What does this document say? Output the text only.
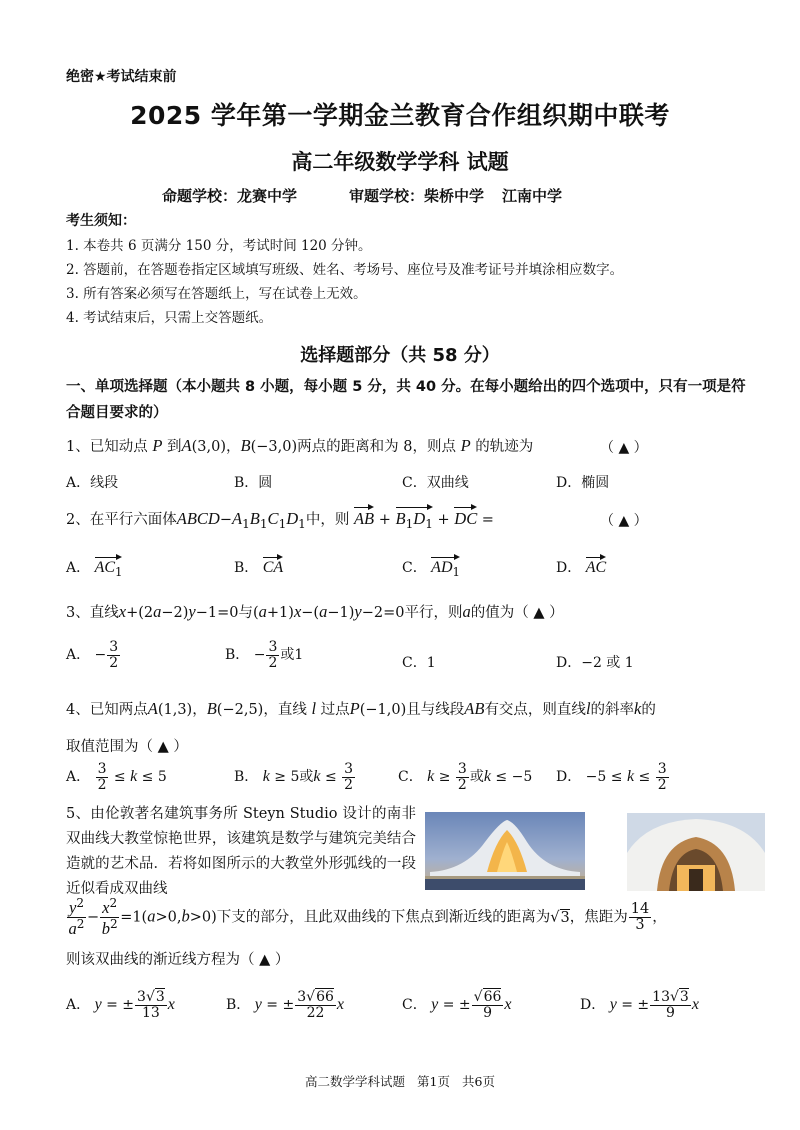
绝密★考试结束前
2025 学年第一学期金兰教育合作组织期中联考
高二年级数学学科 试题
命题学校：龙赛中学	审题学校：柴桥中学 江南中学
考生须知：
1. 本卷共 6 页满分 150 分，考试时间 120 分钟。
2. 答题前，在答题卷指定区域填写班级、姓名、考场号、座位号及准考证号并填涂相应数字。
3. 所有答案必须写在答题纸上，写在试卷上无效。
4. 考试结束后，只需上交答题纸。
选择题部分（共 58 分）
一、单项选择题（本小题共 8 小题，每小题 5 分，共 40 分。在每小题给出的四个选项中，只有一项是符合题目要求的）
1、已知动点 P 到A(3,0)，B(−3,0)两点的距离和为 8，则点 P 的轨迹为	（ ▲ ）
A．线段	B．圆	C．双曲线	D．椭圆
2、在平行六面体$ABCD-A_1B_1C_1D_1$中，则 AB + $B_1D_1$ + DC =	（ ▲ ）
A． $AC_1$	B． CA	C． $AD_1$	D． AC
3、直线x+(2a−2)y−1=0与(a+1)x−(a−1)y−2=0平行，则a的值为（ ▲ ）
A． − $\frac{3}{2}$	B． − $\frac{3}{2}$ 或1	C．1	D．−2 或 1
4、已知两点A(1,3)，B(−2,5)，直线 l 过点P(−1,0)且与线段AB有交点，则直线l的斜率k的
取值范围为（ ▲ ）
A． $\frac{3}{2} \le k \le 5$	B． k ≥ 5或$k \le \frac{3}{2}$	C． $k \ge \frac{3}{2}$ 或k ≤ −5 D． $-5 \le k \le \frac{3}{2}$
5、由伦敦著名建筑事务所 Steyn Studio 设计的南非双曲线大教堂惊艳世界，该建筑是数学与建筑完美结合造就的艺术品．若将如图所示的大教堂外形弧线的一段近似看成双曲线
$\frac{y^2}{a^2} - \frac{x^2}{b^2} =1(a>0,b>0)$下支的部分，且此双曲线的下焦点到渐近线的距离为√3，焦距为 $\frac{14}{3}$ ，
则该双曲线的渐近线方程为（ ▲ ）
A． y = ± $\frac{3√3}{13}$ x	B． y = ± $\frac{3√66}{22}$ x	C． y = ± $\frac{√66}{9}$ x	D． y = ± $\frac{13√3}{9}$ x
高二数学学科试题 第1页 共6页
